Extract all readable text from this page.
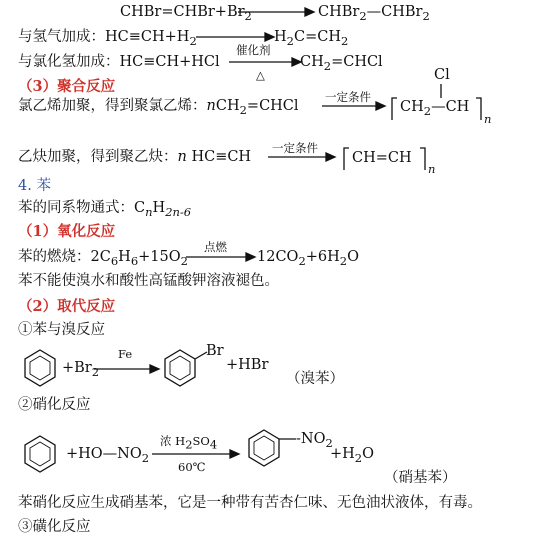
$CHBr=CHBr+Br_2$	CHBr$_2$—CHBr$_2$
与氢气加成：$HC\equiv CH+H_2$	$H_2C=CH_2$
与氯化氢加成：HC≡CH+HCl
催化剂
△
$CH_2=CHCl$
（3）聚合反应
氯乙烯加聚，得到聚氯乙烯：nCH$_2$=CHCl
一定条件
Cl
$CH_2—CH$
n
乙炔加聚，得到聚乙炔：n HC≡CH
一定条件
CH=CH
n
4. 苯
苯的同系物通式：$C_nH_{2n-6}$
（1）氧化反应
苯的燃烧：$2C_6H_6+15O_2$
点燃
$12CO_2+6H_2O$
苯不能使溴水和酸性高锰酸钾溶液褪色。
（2）取代反应
①苯与溴反应
$+Br_2$
Fe	Br
+HBr
（溴苯）
②硝化反应
$+HO—NO_2$
浓 $H_2SO_4$
60℃
$-NO_2$
$+H_2O$
（硝基苯）
苯硝化反应生成硝基苯，它是一种带有苦杏仁味、无色油状液体，有毒。
③磺化反应
